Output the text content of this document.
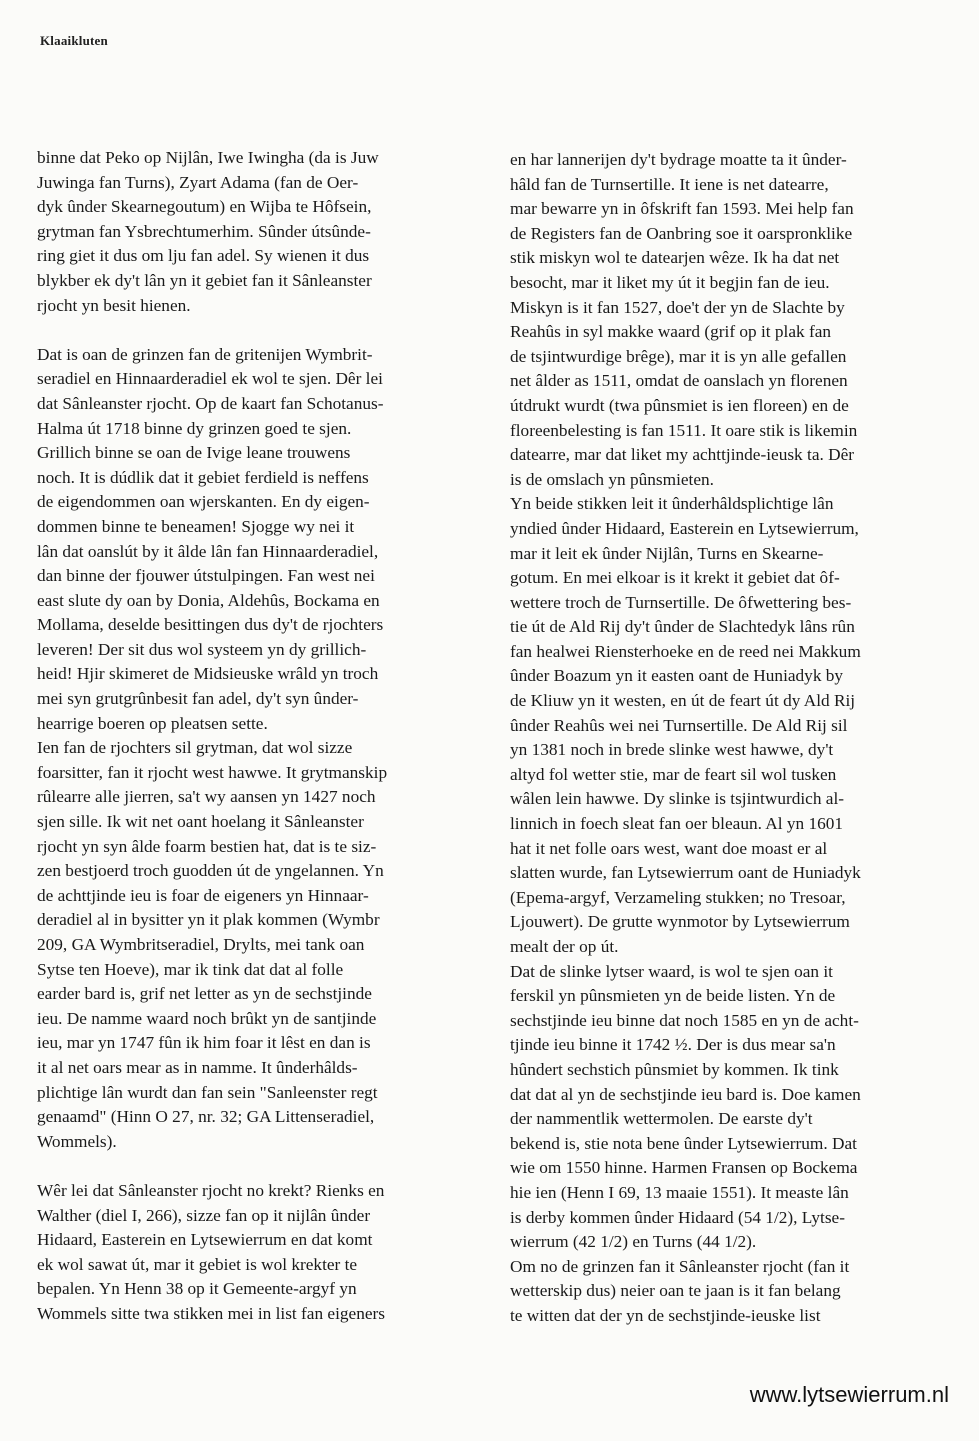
Klaaikluten
binne dat Peko op Nijlân, Iwe Iwingha (da is Juw
Juwinga fan Turns), Zyart Adama (fan de Oer-
dyk ûnder Skearnegoutum) en Wijba te Hôfsein,
grytman fan Ysbrechtumerhim. Sûnder útsûnde-
ring giet it dus om lju fan adel. Sy wienen it dus
blykber ek dy't lân yn it gebiet fan it Sânleanster
rjocht yn besit hienen.
Dat is oan de grinzen fan de gritenijen Wymbrit-
seradiel en Hinnaarderadiel ek wol te sjen. Dêr lei
dat Sânleanster rjocht. Op de kaart fan Schotanus-
Halma út 1718 binne dy grinzen goed te sjen.
Grillich binne se oan de Ivige leane trouwens
noch. It is dúdlik dat it gebiet ferdield is neffens
de eigendommen oan wjerskanten. En dy eigen-
dommen binne te beneamen! Sjogge wy nei it
lân dat oanslút by it âlde lân fan Hinnaarderadiel,
dan binne der fjouwer útstulpingen. Fan west nei
east slute dy oan by Donia, Aldehûs, Bockama en
Mollama, deselde besittingen dus dy't de rjochters
leveren! Der sit dus wol systeem yn dy grillich-
heid! Hjir skimeret de Midsieuske wrâld yn troch
mei syn grutgrûnbesit fan adel, dy't syn ûnder-
hearrige boeren op pleatsen sette.
Ien fan de rjochters sil grytman, dat wol sizze
foarsitter, fan it rjocht west hawwe. It grytmanskip
rûlearre alle jierren, sa't wy aansen yn 1427 noch
sjen sille. Ik wit net oant hoelang it Sânleanster
rjocht yn syn âlde foarm bestien hat, dat is te siz-
zen bestjoerd troch guodden út de yngelannen. Yn
de achttjinde ieu is foar de eigeners yn Hinnaar-
deradiel al in bysitter yn it plak kommen (Wymbr
209, GA Wymbritseradiel, Drylts, mei tank oan
Sytse ten Hoeve), mar ik tink dat dat al folle
earder bard is, grif net letter as yn de sechstjinde
ieu. De namme waard noch brûkt yn de santjinde
ieu, mar yn 1747 fûn ik him foar it lêst en dan is
it al net oars mear as in namme. It ûnderhâlds-
plichtige lân wurdt dan fan sein "Sanleenster regt
genaamd" (Hinn O 27, nr. 32; GA Littenseradiel,
Wommels).
Wêr lei dat Sânleanster rjocht no krekt? Rienks en
Walther (diel I, 266), sizze fan op it nijlân ûnder
Hidaard, Easterein en Lytsewierrum en dat komt
ek wol sawat út, mar it gebiet is wol krekter te
bepalen. Yn Henn 38 op it Gemeente-argyf yn
Wommels sitte twa stikken mei in list fan eigeners
en har lannerijen dy't bydrage moatte ta it ûnder-
hâld fan de Turnsertille. It iene is net datearre,
mar bewarre yn in ôfskrift fan 1593. Mei help fan
de Registers fan de Oanbring soe it oarspronklike
stik miskyn wol te datearjen wêze. Ik ha dat net
besocht, mar it liket my út it begjin fan de ieu.
Miskyn is it fan 1527, doe't der yn de Slachte by
Reahûs in syl makke waard (grif op it plak fan
de tsjintwurdige brêge), mar it is yn alle gefallen
net âlder as 1511, omdat de oanslach yn florenen
útdrukt wurdt (twa pûnsmiet is ien floreen) en de
floreenbelesting is fan 1511. It oare stik is likemin
datearre, mar dat liket my achttjinde-ieusk ta. Dêr
is de omslach yn pûnsmieten.
Yn beide stikken leit it ûnderhâldsplichtige lân
yndied ûnder Hidaard, Easterein en Lytsewierrum,
mar it leit ek ûnder Nijlân, Turns en Skearne-
gotum. En mei elkoar is it krekt it gebiet dat ôf-
wettere troch de Turnsertille. De ôfwettering bes-
tie út de Ald Rij dy't ûnder de Slachtedyk lâns rûn
fan healwei Riensterhoeke en de reed nei Makkum
ûnder Boazum yn it easten oant de Huniadyk by
de Kliuw yn it westen, en út de feart út dy Ald Rij
ûnder Reahûs wei nei Turnsertille. De Ald Rij sil
yn 1381 noch in brede slinke west hawwe, dy't
altyd fol wetter stie, mar de feart sil wol tusken
wâlen lein hawwe. Dy slinke is tsjintwurdich al-
linnich in foech sleat fan oer bleaun. Al yn 1601
hat it net folle oars west, want doe moast er al
slatten wurde, fan Lytsewierrum oant de Huniadyk
(Epema-argyf, Verzameling stukken; no Tresoar,
Ljouwert). De grutte wynmotor by Lytsewierrum
mealt der op út.
Dat de slinke lytser waard, is wol te sjen oan it
ferskil yn pûnsmieten yn de beide listen. Yn de
sechstjinde ieu binne dat noch 1585 en yn de acht-
tjinde ieu binne it 1742 ½. Der is dus mear sa'n
hûndert sechstich pûnsmiet by kommen. Ik tink
dat dat al yn de sechstjinde ieu bard is. Doe kamen
der nammentlik wettermolen. De earste dy't
bekend is, stie nota bene ûnder Lytsewierrum. Dat
wie om 1550 hinne. Harmen Fransen op Bockema
hie ien (Henn I 69, 13 maaie 1551). It measte lân
is derby kommen ûnder Hidaard (54 1/2), Lytse-
wierrum (42 1/2) en Turns (44 1/2).
Om no de grinzen fan it Sânleanster rjocht (fan it
wetterskip dus) neier oan te jaan is it fan belang
te witten dat der yn de sechstjinde-ieuske list
www.lytsewierrum.nl
